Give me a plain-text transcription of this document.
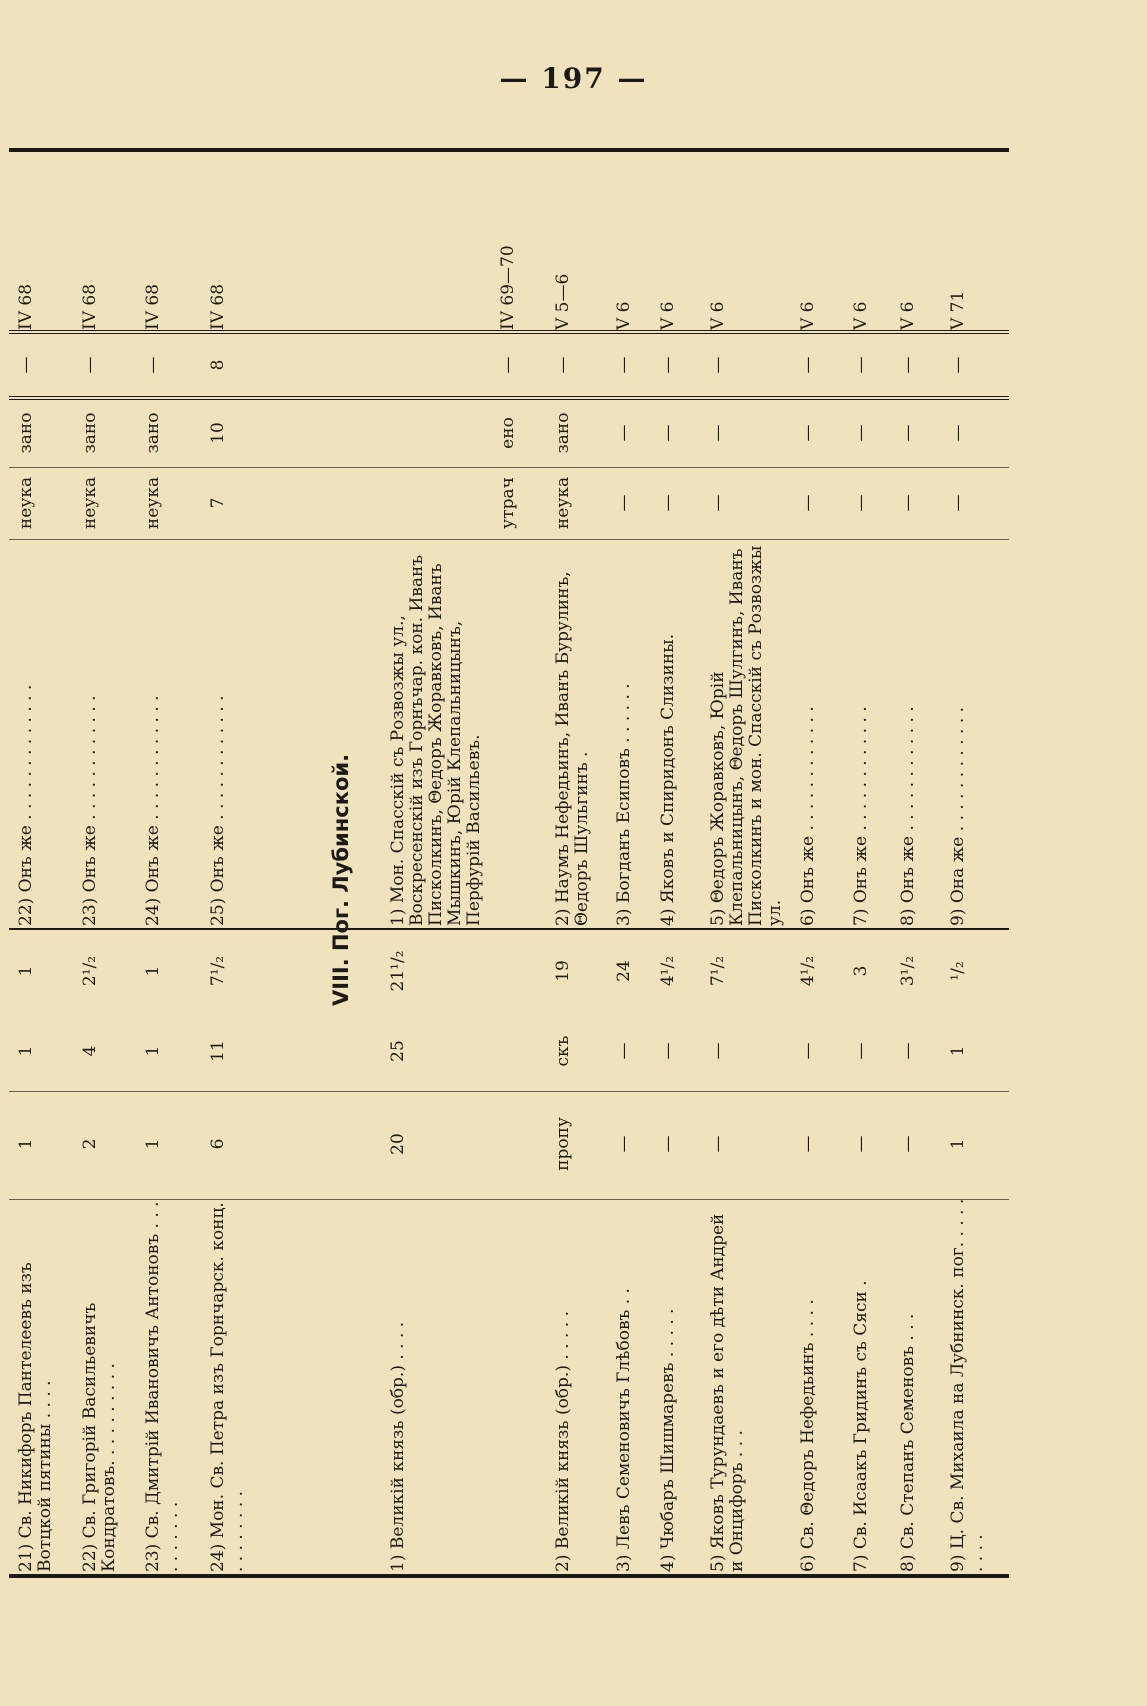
— 197 —
VIII. Пог. Лубинской.
21) Св. Никифоръ Пантелеевъ изъ Вотцкой пятины . . . .
1
1
1
22) Онъ же . . . . . . . . . . . . .
неуказано
—
IV 68
22) Св. Григорій Васильевичъ Кондратовъ. . . . . . . . . .
2
4
2¹/₂
23) Онъ же . . . . . . . . . . . .
неуказано
—
IV 68
23) Св. Дмитрій Ивановичъ Антоновъ . . . . . . . . . .
1
1
1
24) Онъ же . . . . . . . . . . . .
неуказано
—
IV 68
24) Мон. Св. Петра изъ Горнчарск. конц. . . . . . . . .
6
11
7¹/₂
25) Онъ же . . . . . . . . . . . .
710
8
IV 68
1) Великій князь (обр.) . . . .
20
25
21¹/₂
1) Мон. Спасскій съ Розвозжы ул., Воскресенскій изъ Горнъчар. кон. Иванъ Писколкинъ, Θедоръ Жоравковъ, Иванъ Мышкинъ, Юрій Клепальницынъ, Перфурій Васильевъ.
утрачено
—
IV 69—70
2) Великій князь (обр.) . . . . .
пропу
скъ
19
2) Наумъ Нефедьинъ, Иванъ Бурулинъ, Θедоръ Шульгинъ .
неуказано
—
V 5—6
3) Левъ Семеновичъ Глѣбовъ . .
—
—
24
3) Богданъ Есиповъ . . . . . .
——
—
V 6
4) Чюбаръ Шишмаревъ . . . . .
—
—
4¹/₂
4) Яковъ и Спиридонъ Слизины.
——
—
V 6
5) Яковъ Турундаевъ и его дѣти Андрей и Онцифоръ . . .
—
—
7¹/₂
5) Θедоръ Жоравковъ, Юрій Клепальницынъ, Θедоръ Шулгинъ, Иванъ Писколкинъ и мон. Спасскій съ Розвозжы ул.
——
—
V 6
6) Св. Θедоръ Нефедьинъ . . . .
—
—
4¹/₂
6) Онъ же . . . . . . . . . . . .
——
—
V 6
7) Св. Исаакъ Гридинъ съ Сяси .
—
—
3
7) Онъ же . . . . . . . . . . . .
——
—
V 6
8) Св. Степанъ Семеновъ . . .
—
—
3¹/₂
8) Онъ же . . . . . . . . . . . .
——
—
V 6
9) Ц. Св. Михаила на Лубнинск. пог. . . . . . . . .
1
1
¹/₂
9) Она же . . . . . . . . . . . .
——
—
V 71
